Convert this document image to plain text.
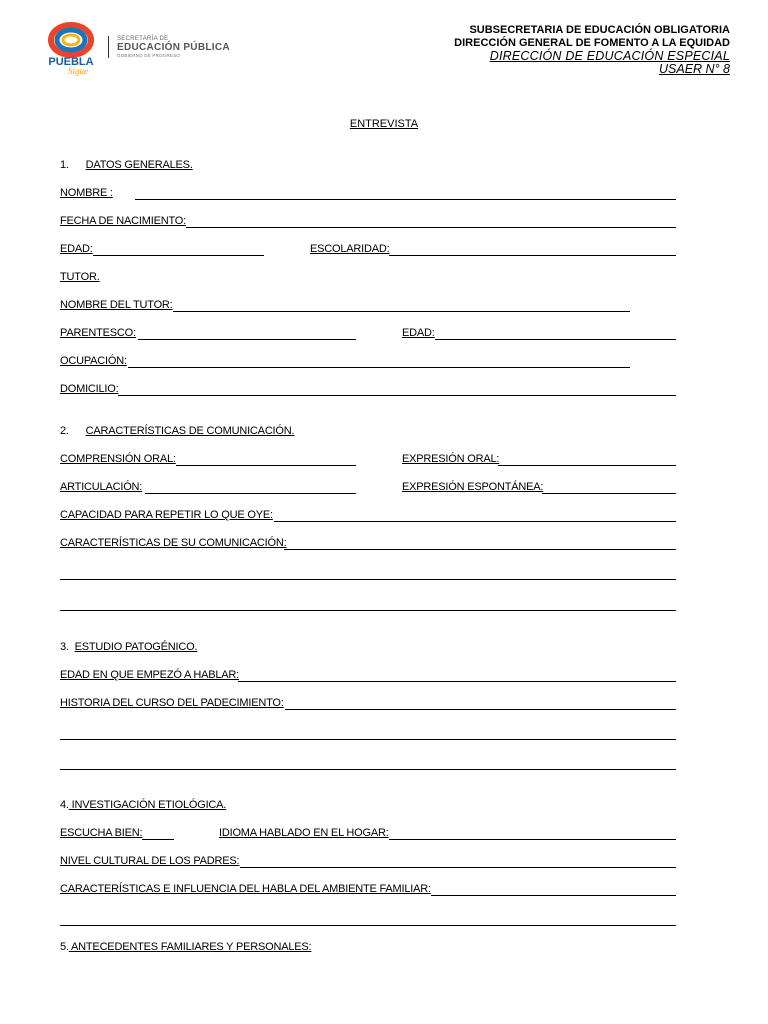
PUEBLA
Sigue
SECRETARÍA DE
EDUCACIÓN PÚBLICA
GOBIERNO DE PROGRESO
SUBSECRETARIA DE EDUCACIÓN OBLIGATORIA
DIRECCIÓN GENERAL DE FOMENTO A LA EQUIDAD
DIRECCIÓN DE EDUCACIÓN ESPECIAL
USAER N° 8
ENTREVISTA
1. DATOS GENERALES.
NOMBRE :
FECHA DE NACIMIENTO:
EDAD:	ESCOLARIDAD:
TUTOR.
NOMBRE DEL TUTOR:
PARENTESCO:	EDAD:
OCUPACIÓN:
DOMICILIO:
2. CARACTERÍSTICAS DE COMUNICACIÓN.
COMPRENSIÓN ORAL:	EXPRESIÓN ORAL:
ARTICULACIÓN:	EXPRESIÓN ESPONTÁNEA:
CAPACIDAD PARA REPETIR LO QUE OYE:
CARACTERÍSTICAS DE SU COMUNICACIÓN:
3. ESTUDIO PATOGÉNICO.
EDAD EN QUE EMPEZÓ A HABLAR:
HISTORIA DEL CURSO DEL PADECIMIENTO:
4. INVESTIGACIÓN ETIOLÓGICA.
ESCUCHA BIEN:	IDIOMA HABLADO EN EL HOGAR:
NIVEL CULTURAL DE LOS PADRES:
CARACTERÍSTICAS E INFLUENCIA DEL HABLA DEL AMBIENTE FAMILIAR:
5. ANTECEDENTES FAMILIARES Y PERSONALES:
